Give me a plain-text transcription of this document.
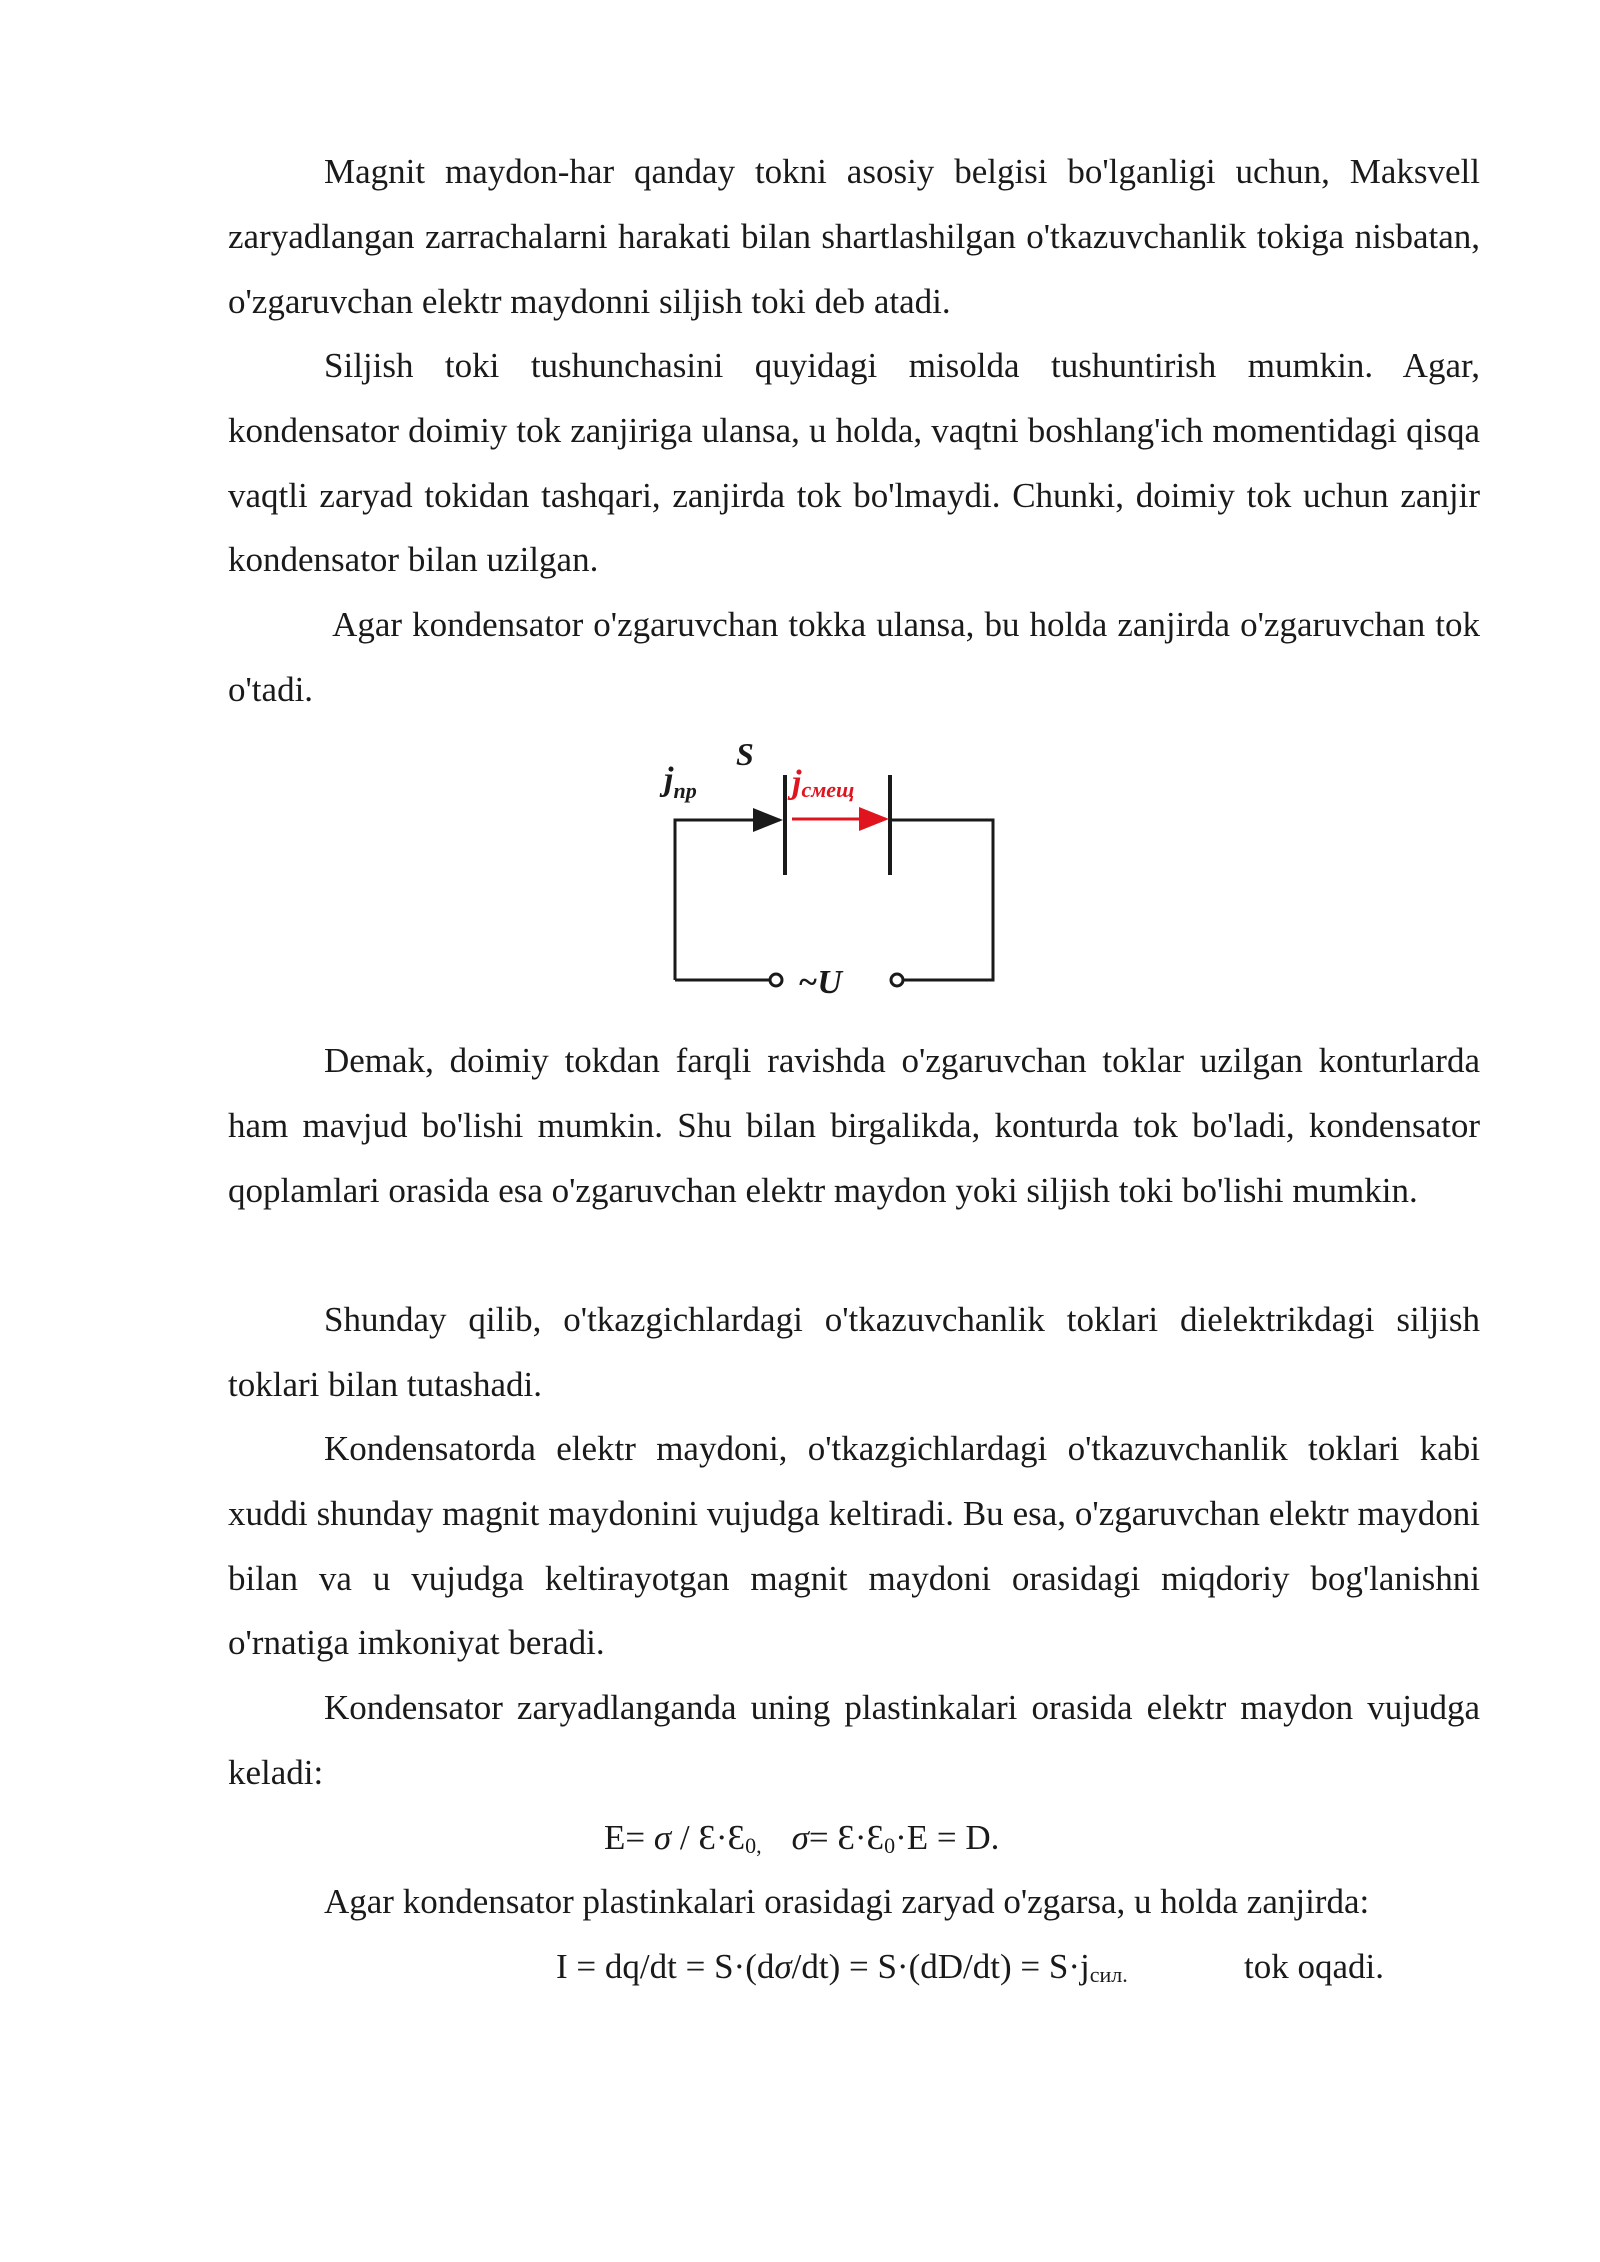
Magnit maydon-har qanday tokni asosiy belgisi bo'lganligi uchun, Maksvell zaryadlangan zarrachalarni harakati bilan shartlashilgan o'tkazuvchanlik tokiga nisbatan, o'zgaruvchan elektr maydonni siljish toki deb atadi.

Siljish toki tushunchasini quyidagi misolda tushuntirish mumkin. Agar, kondensator doimiy tok zanjiriga ulansa, u holda, vaqtni boshlang'ich momentidagi qisqa vaqtli zaryad tokidan tashqari, zanjirda tok bo'lmaydi. Chunki, doimiy tok uchun zanjir kondensator bilan uzilgan.

Agar kondensator o'zgaruvchan tokka ulansa, bu holda zanjirda o'zgaruvchan tok o'tadi.

$j_{пр}$
S
jсмещ
~U

Demak, doimiy tokdan farqli ravishda o'zgaruvchan toklar uzilgan konturlarda ham mavjud bo'lishi mumkin. Shu bilan birgalikda, konturda tok bo'ladi, kondensator qoplamlari orasida esa o'zgaruvchan elektr maydon yoki siljish toki bo'lishi mumkin.

Shunday qilib, o'tkazgichlardagi o'tkazuvchanlik toklari dielektrikdagi siljish toklari bilan tutashadi.

Kondensatorda elektr maydoni, o'tkazgichlardagi o'tkazuvchanlik toklari kabi xuddi shunday magnit maydonini vujudga keltiradi. Bu esa, o'zgaruvchan elektr maydoni bilan va u vujudga keltirayotgan magnit maydoni orasidagi miqdoriy bog'lanishni o'rnatiga imkoniyat beradi.

Kondensator zaryadlanganda uning plastinkalari orasida elektr maydon vujudga keladi:

$E= \sigma / Ɛ\cdot Ɛ_{0,}$ $\sigma= Ɛ\cdot Ɛ_0\cdot E = D$.

Agar kondensator plastinkalari orasidagi zaryad o'zgarsa, u holda zanjirda:

$I = dq/dt = S\cdot(d\sigma/dt) = S\cdot(dD/dt) = S\cdot j_{сил.}$	tok oqadi.
